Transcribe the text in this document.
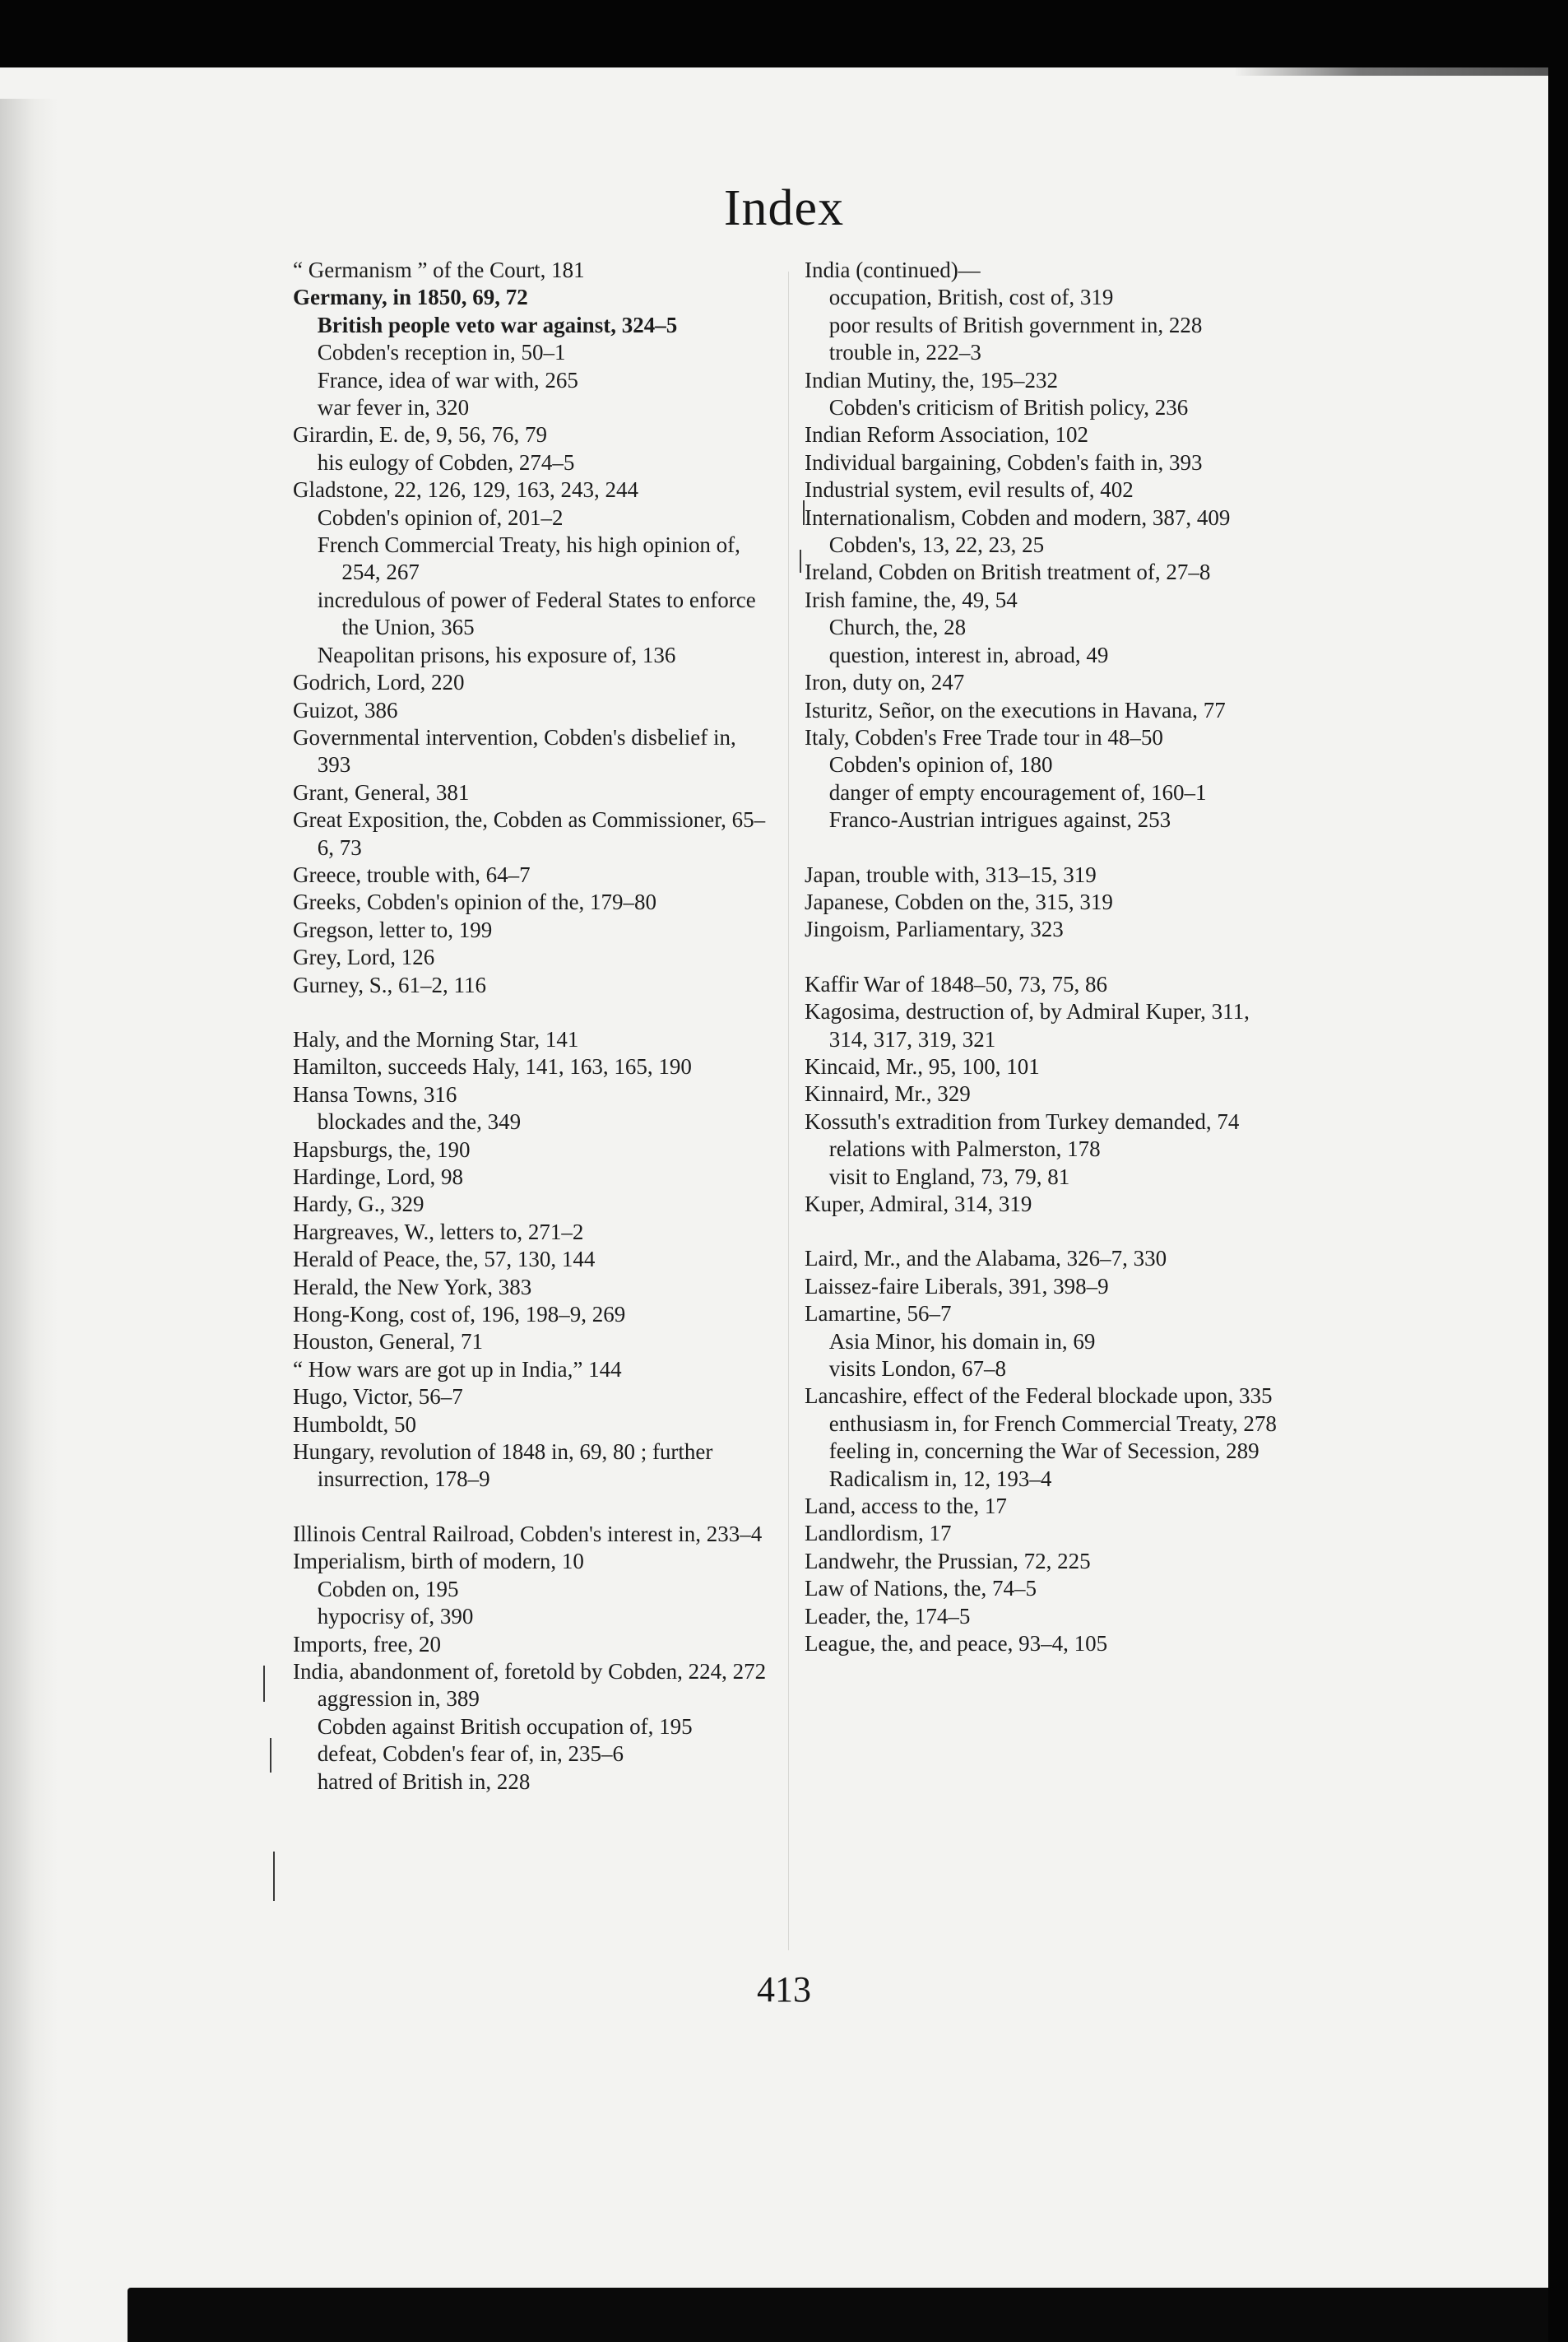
Index

“ Germanism ” of the Court, 181

Germany, in 1850, 69, 72

British people veto war against, 324–5

Cobden's reception in, 50–1

France, idea of war with, 265

war fever in, 320

Girardin, E. de, 9, 56, 76, 79

his eulogy of Cobden, 274–5

Gladstone, 22, 126, 129, 163, 243, 244

Cobden's opinion of, 201–2

French Commercial Treaty, his high opinion of, 254, 267

incredulous of power of Federal States to enforce the Union, 365

Neapolitan prisons, his exposure of, 136

Godrich, Lord, 220

Guizot, 386

Governmental intervention, Cobden's disbelief in, 393

Grant, General, 381

Great Exposition, the, Cobden as Commissioner, 65–6, 73

Greece, trouble with, 64–7

Greeks, Cobden's opinion of the, 179–80

Gregson, letter to, 199

Grey, Lord, 126

Gurney, S., 61–2, 116

Haly, and the Morning Star, 141

Hamilton, succeeds Haly, 141, 163, 165, 190

Hansa Towns, 316

blockades and the, 349

Hapsburgs, the, 190

Hardinge, Lord, 98

Hardy, G., 329

Hargreaves, W., letters to, 271–2

Herald of Peace, the, 57, 130, 144

Herald, the New York, 383

Hong-Kong, cost of, 196, 198–9, 269

Houston, General, 71

“ How wars are got up in India,” 144

Hugo, Victor, 56–7

Humboldt, 50

Hungary, revolution of 1848 in, 69, 80 ; further insurrection, 178–9

Illinois Central Railroad, Cobden's interest in, 233–4

Imperialism, birth of modern, 10

Cobden on, 195

hypocrisy of, 390

Imports, free, 20

India, abandonment of, foretold by Cobden, 224, 272

aggression in, 389

Cobden against British occupation of, 195

defeat, Cobden's fear of, in, 235–6

hatred of British in, 228

India (continued)—

occupation, British, cost of, 319

poor results of British government in, 228

trouble in, 222–3

Indian Mutiny, the, 195–232

Cobden's criticism of British policy, 236

Indian Reform Association, 102

Individual bargaining, Cobden's faith in, 393

Industrial system, evil results of, 402

Internationalism, Cobden and modern, 387, 409

Cobden's, 13, 22, 23, 25

Ireland, Cobden on British treatment of, 27–8

Irish famine, the, 49, 54

Church, the, 28

question, interest in, abroad, 49

Iron, duty on, 247

Isturitz, Señor, on the executions in Havana, 77

Italy, Cobden's Free Trade tour in 48–50

Cobden's opinion of, 180

danger of empty encouragement of, 160–1

Franco-Austrian intrigues against, 253

Japan, trouble with, 313–15, 319

Japanese, Cobden on the, 315, 319

Jingoism, Parliamentary, 323

Kaffir War of 1848–50, 73, 75, 86

Kagosima, destruction of, by Admiral Kuper, 311, 314, 317, 319, 321

Kincaid, Mr., 95, 100, 101

Kinnaird, Mr., 329

Kossuth's extradition from Turkey demanded, 74

relations with Palmerston, 178

visit to England, 73, 79, 81

Kuper, Admiral, 314, 319

Laird, Mr., and the Alabama, 326–7, 330

Laissez-faire Liberals, 391, 398–9

Lamartine, 56–7

Asia Minor, his domain in, 69

visits London, 67–8

Lancashire, effect of the Federal blockade upon, 335

enthusiasm in, for French Commercial Treaty, 278

feeling in, concerning the War of Secession, 289

Radicalism in, 12, 193–4

Land, access to the, 17

Landlordism, 17

Landwehr, the Prussian, 72, 225

Law of Nations, the, 74–5

Leader, the, 174–5

League, the, and peace, 93–4, 105

413
